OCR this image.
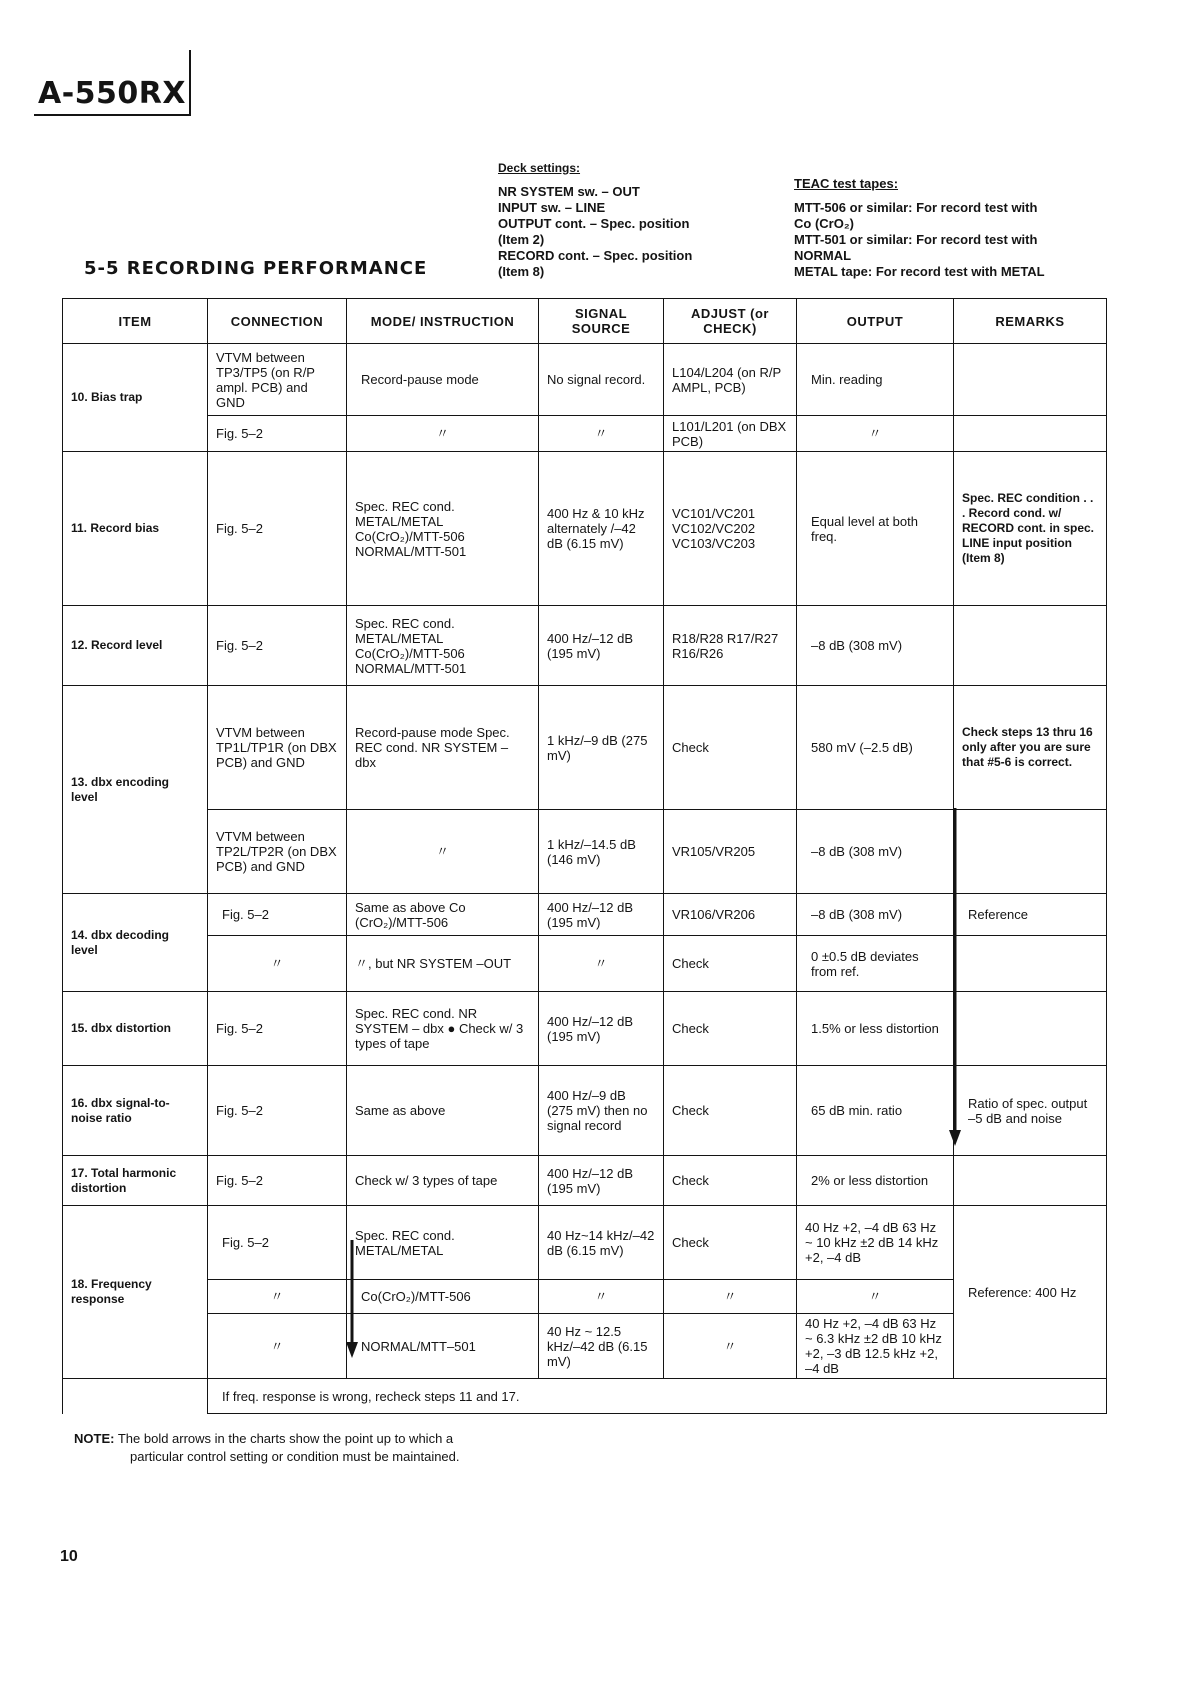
A-550RX
5-5 RECORDING PERFORMANCE
Deck settings:
NR SYSTEM sw. – OUT
INPUT sw. – LINE
OUTPUT cont. – Spec. position
(Item 2)
RECORD cont. – Spec. position
(Item 8)
TEAC test tapes:
MTT-506 or similar: For record test with
Co (CrO₂)
MTT-501 or similar: For record test with
NORMAL
METAL tape: For record test with METAL
ITEM	CONNECTION	MODE/ INSTRUCTION	SIGNAL SOURCE	ADJUST (or CHECK)	OUTPUT	REMARKS
10. Bias trap	VTVM between TP3/TP5 (on R/P ampl. PCB) and GND	Record-pause mode	No signal record.	L104/L204 (on R/P AMPL, PCB)	Min. reading	
	Fig. 5–2	〃	〃	L101/L201 (on DBX PCB)	〃	
11. Record bias	Fig. 5–2	Spec. REC cond. METAL/METAL Co(CrO₂)/MTT-506 NORMAL/MTT-501	400 Hz & 10 kHz alternately /–42 dB (6.15 mV)	VC101/VC201 VC102/VC202 VC103/VC203	Equal level at both freq.	Spec. REC condition . . . Record cond. w/ RECORD cont. in spec. LINE input position (Item 8)
12. Record level	Fig. 5–2	Spec. REC cond. METAL/METAL Co(CrO₂)/MTT-506 NORMAL/MTT-501	400 Hz/–12 dB (195 mV)	R18/R28 R17/R27 R16/R26	–8 dB (308 mV)	
13. dbx encoding level	VTVM between TP1L/TP1R (on DBX PCB) and GND	Record-pause mode Spec. REC cond. NR SYSTEM – dbx	1 kHz/–9 dB (275 mV)	Check	580 mV (–2.5 dB)	Check steps 13 thru 16 only after you are sure that #5-6 is correct.
	VTVM between TP2L/TP2R (on DBX PCB) and GND	〃	1 kHz/–14.5 dB (146 mV)	VR105/VR205	–8 dB (308 mV)	
14. dbx decoding level	Fig. 5–2	Same as above Co (CrO₂)/MTT-506	400 Hz/–12 dB (195 mV)	VR106/VR206	–8 dB (308 mV)	Reference
	〃	〃, but NR SYSTEM –OUT	〃	Check	0 ±0.5 dB deviates from ref.	
15. dbx distortion	Fig. 5–2	Spec. REC cond. NR SYSTEM – dbx ● Check w/ 3 types of tape	400 Hz/–12 dB (195 mV)	Check	1.5% or less distortion	
16. dbx signal-to-noise ratio	Fig. 5–2	Same as above	400 Hz/–9 dB (275 mV) then no signal record	Check	65 dB min. ratio	Ratio of spec. output –5 dB and noise
17. Total harmonic distortion	Fig. 5–2	Check w/ 3 types of tape	400 Hz/–12 dB (195 mV)	Check	2% or less distortion	
18. Frequency response	Fig. 5–2	Spec. REC cond. METAL/METAL	40 Hz~14 kHz/–42 dB (6.15 mV)	Check	40 Hz +2, –4 dB 63 Hz ~ 10 kHz ±2 dB 14 kHz +2, –4 dB	Reference: 400 Hz
	〃	Co(CrO₂)/MTT-506	〃	〃	〃	
	〃	NORMAL/MTT–501	40 Hz ~ 12.5 kHz/–42 dB (6.15 mV)	〃	40 Hz +2, –4 dB 63 Hz ~ 6.3 kHz ±2 dB 10 kHz +2, –3 dB 12.5 kHz +2, –4 dB	
	If freq. response is wrong, recheck steps 11 and 17.					
NOTE: The bold arrows in the charts show the point up to which a
particular control setting or condition must be maintained.
10
